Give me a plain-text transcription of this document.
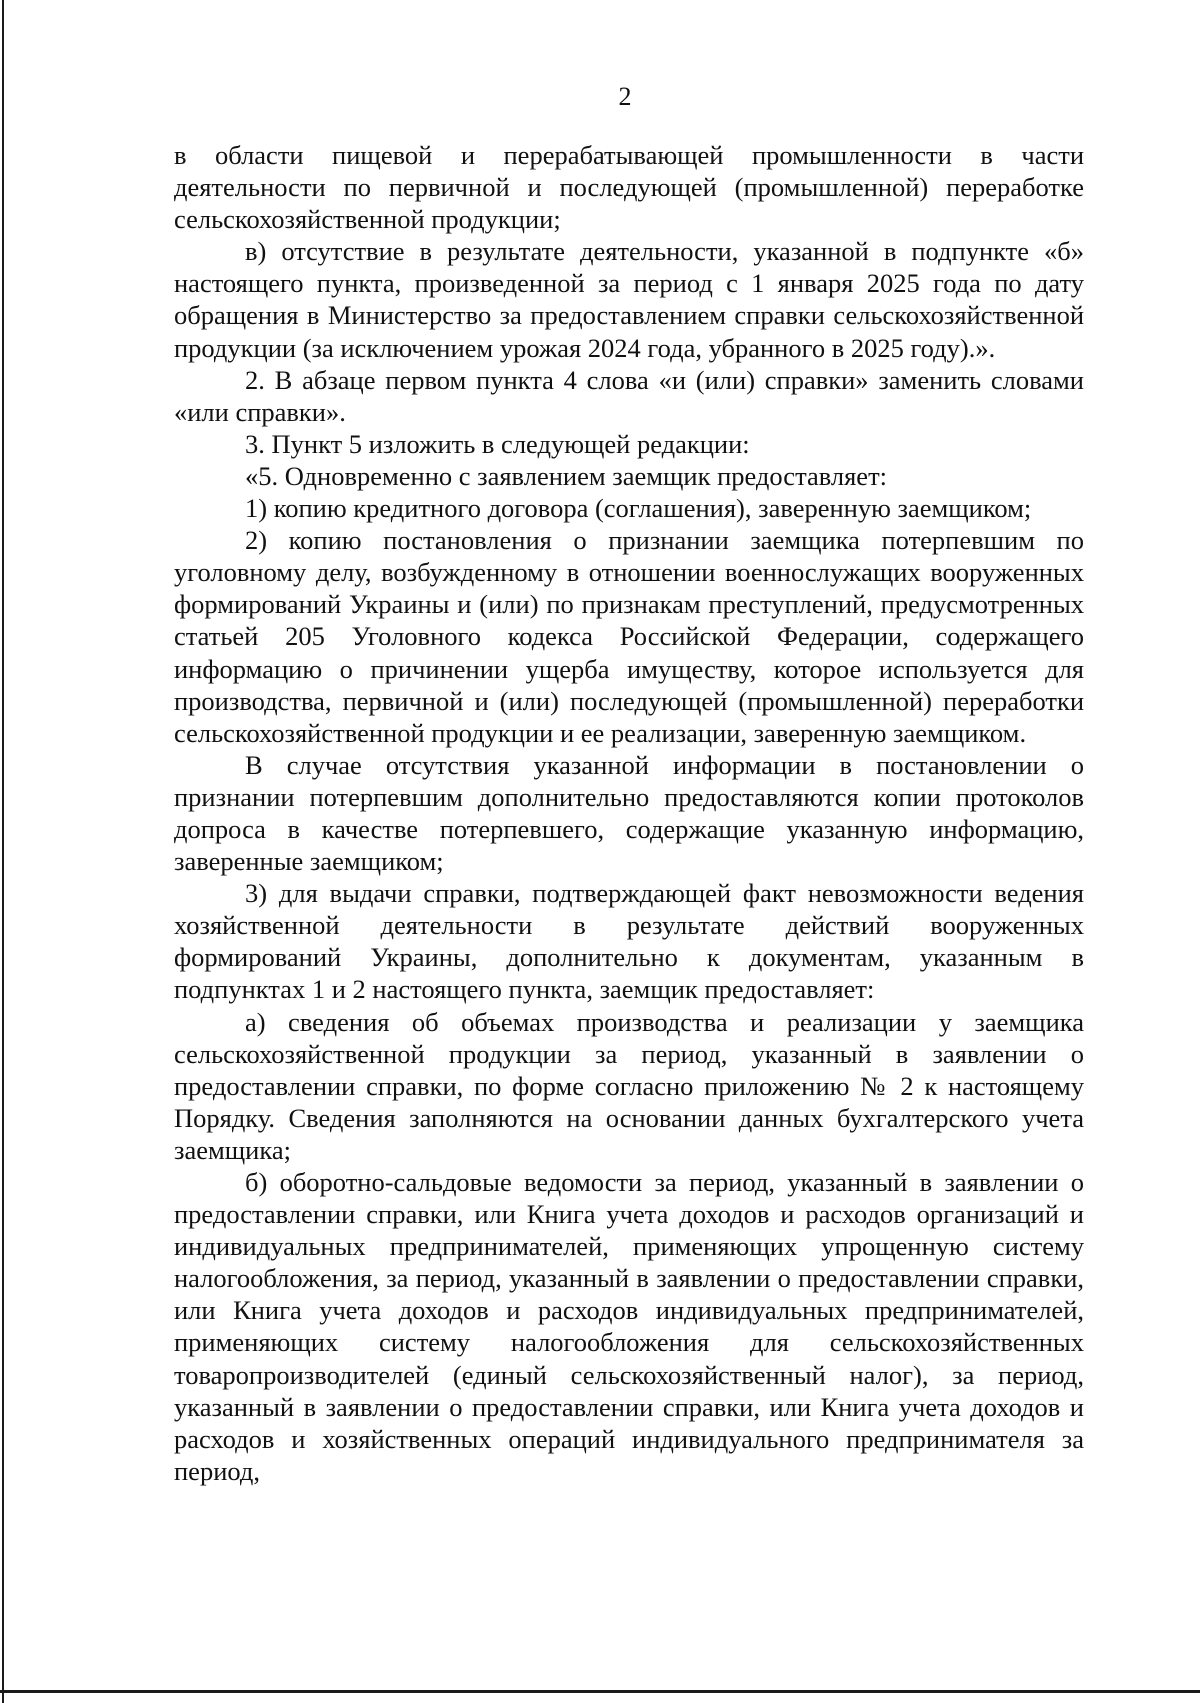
2

в области пищевой и перерабатывающей промышленности в части деятельности по первичной и последующей (промышленной) переработке сельскохозяйственной продукции;

в) отсутствие в результате деятельности, указанной в подпункте «б» настоящего пункта, произведенной за период с 1 января 2025 года по дату обращения в Министерство за предоставлением справки сельскохозяйственной продукции (за исключением урожая 2024 года, убранного в 2025 году).».

2. В абзаце первом пункта 4 слова «и (или) справки» заменить словами «или справки».

3. Пункт 5 изложить в следующей редакции:

«5. Одновременно с заявлением заемщик предоставляет:

1) копию кредитного договора (соглашения), заверенную заемщиком;

2) копию постановления о признании заемщика потерпевшим по уголовному делу, возбужденному в отношении военнослужащих вооруженных формирований Украины и (или) по признакам преступлений, предусмотренных статьей 205 Уголовного кодекса Российской Федерации, содержащего информацию о причинении ущерба имуществу, которое используется для производства, первичной и (или) последующей (промышленной) переработки сельскохозяйственной продукции и ее реализации, заверенную заемщиком.

В случае отсутствия указанной информации в постановлении о признании потерпевшим дополнительно предоставляются копии протоколов допроса в качестве потерпевшего, содержащие указанную информацию, заверенные заемщиком;

3) для выдачи справки, подтверждающей факт невозможности ведения хозяйственной деятельности в результате действий вооруженных формирований Украины, дополнительно к документам, указанным в подпунктах 1 и 2 настоящего пункта, заемщик предоставляет:

а) сведения об объемах производства и реализации у заемщика сельскохозяйственной продукции за период, указанный в заявлении о предоставлении справки, по форме согласно приложению № 2 к настоящему Порядку. Сведения заполняются на основании данных бухгалтерского учета заемщика;

б) оборотно-сальдовые ведомости за период, указанный в заявлении о предоставлении справки, или Книга учета доходов и расходов организаций и индивидуальных предпринимателей, применяющих упрощенную систему налогообложения, за период, указанный в заявлении о предоставлении справки, или Книга учета доходов и расходов индивидуальных предпринимателей, применяющих систему налогообложения для сельскохозяйственных товаропроизводителей (единый сельскохозяйственный налог), за период, указанный в заявлении о предоставлении справки, или Книга учета доходов и расходов и хозяйственных операций индивидуального предпринимателя за период,
